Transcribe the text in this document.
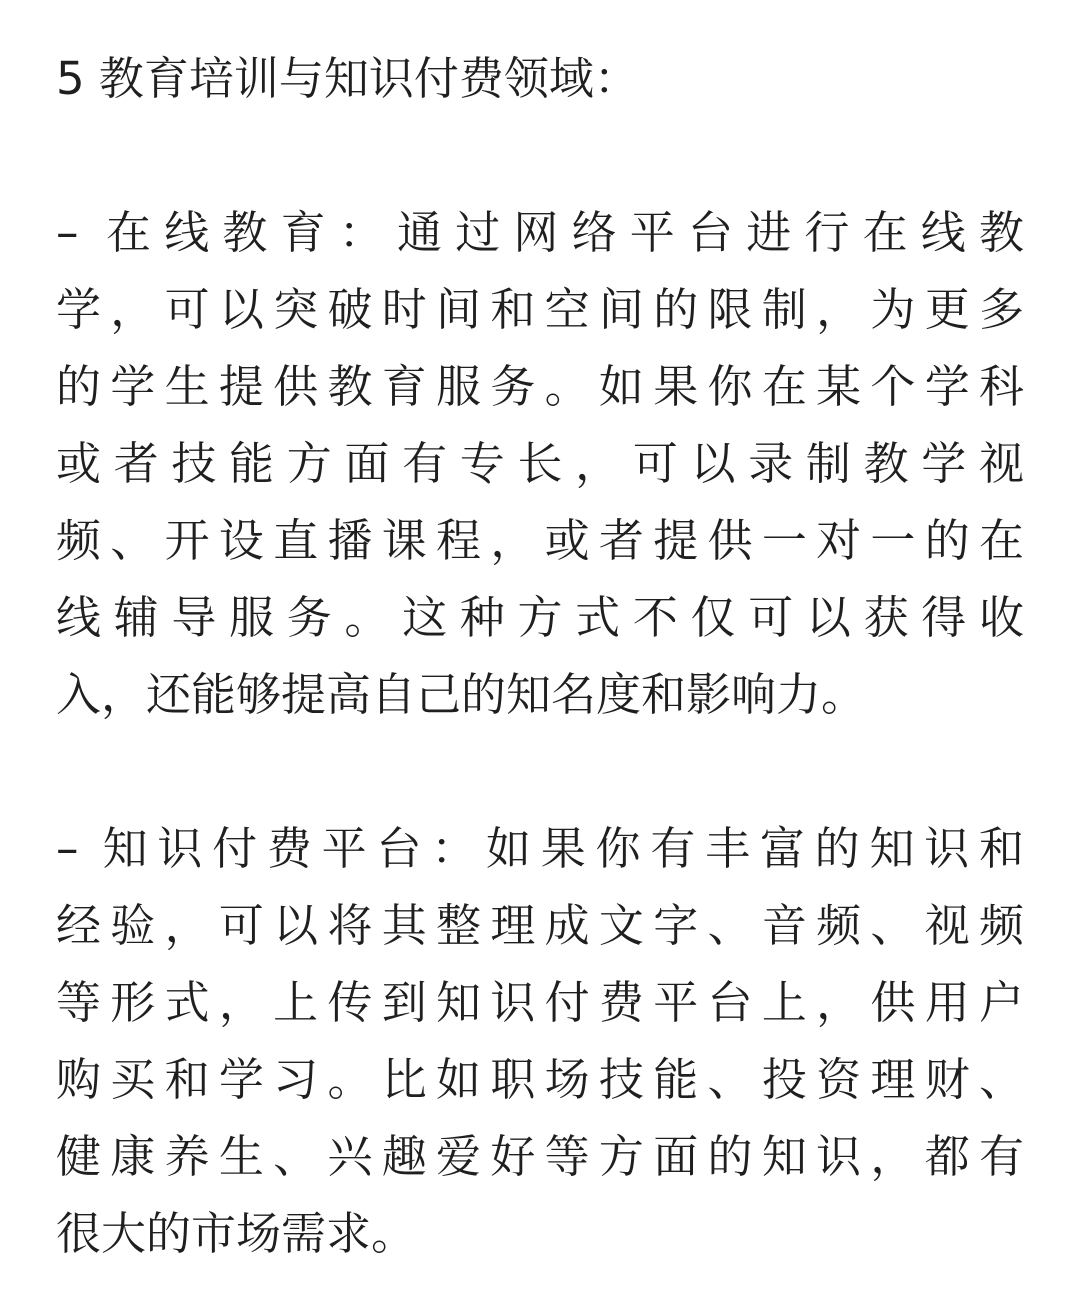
5 教育培训与知识付费领域：
– 在线教育：通过网络平台进行在线教
学，可以突破时间和空间的限制，为更多
的学生提供教育服务。如果你在某个学科
或者技能方面有专长，可以录制教学视
频、开设直播课程，或者提供一对一的在
线辅导服务。这种方式不仅可以获得收
入，还能够提高自己的知名度和影响力。
– 知识付费平台：如果你有丰富的知识和
经验，可以将其整理成文字、音频、视频
等形式，上传到知识付费平台上，供用户
购买和学习。比如职场技能、投资理财、
健康养生、兴趣爱好等方面的知识，都有
很大的市场需求。
